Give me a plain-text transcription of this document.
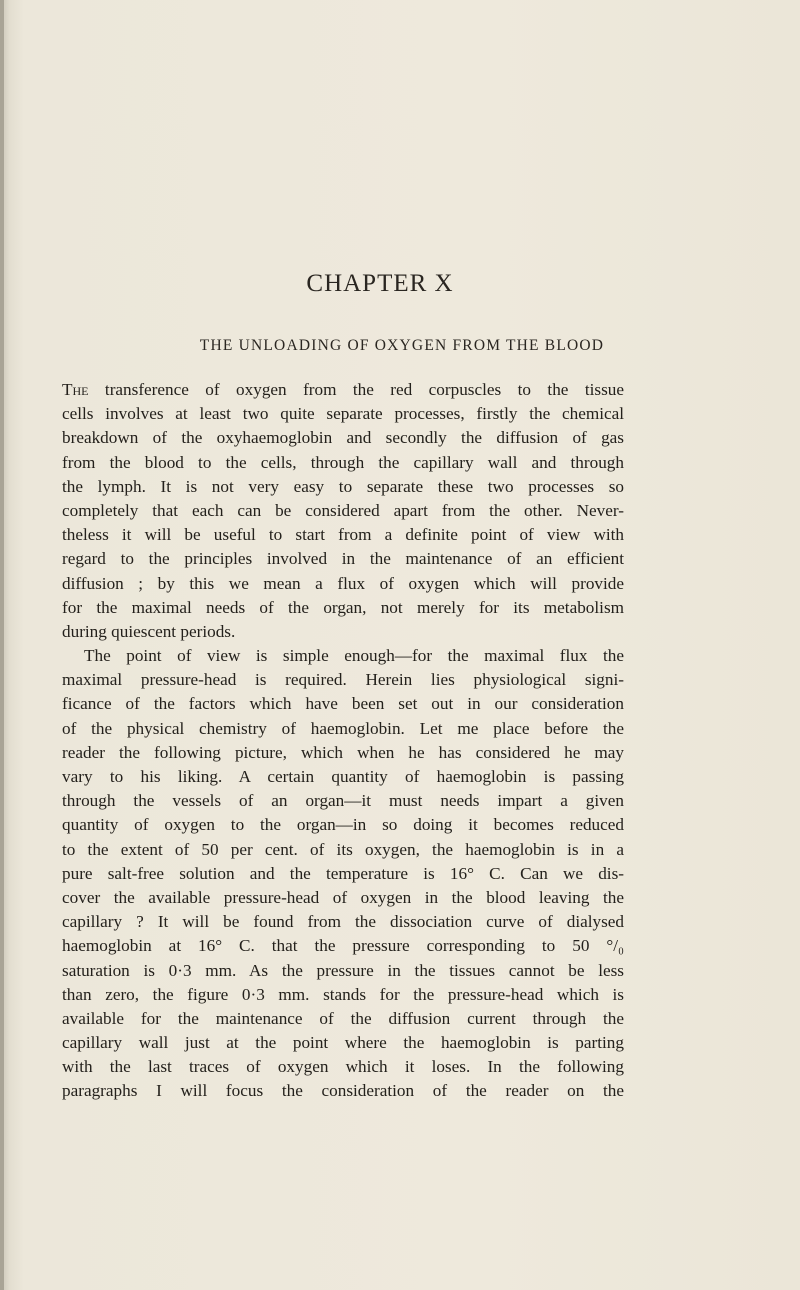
CHAPTER X
THE UNLOADING OF OXYGEN FROM THE BLOOD
The transference of oxygen from the red corpuscles to the tissue
cells involves at least two quite separate processes, firstly the chemical
breakdown of the oxyhaemoglobin and secondly the diffusion of gas
from the blood to the cells, through the capillary wall and through
the lymph. It is not very easy to separate these two processes so
completely that each can be considered apart from the other. Never-
theless it will be useful to start from a definite point of view with
regard to the principles involved in the maintenance of an efficient
diffusion ; by this we mean a flux of oxygen which will provide
for the maximal needs of the organ, not merely for its metabolism
during quiescent periods.
The point of view is simple enough—for the maximal flux the
maximal pressure-head is required. Herein lies physiological signi-
ficance of the factors which have been set out in our consideration
of the physical chemistry of haemoglobin. Let me place before the
reader the following picture, which when he has considered he may
vary to his liking. A certain quantity of haemoglobin is passing
through the vessels of an organ—it must needs impart a given
quantity of oxygen to the organ—in so doing it becomes reduced
to the extent of 50 per cent. of its oxygen, the haemoglobin is in a
pure salt-free solution and the temperature is 16° C. Can we dis-
cover the available pressure-head of oxygen in the blood leaving the
capillary ? It will be found from the dissociation curve of dialysed
haemoglobin at 16° C. that the pressure corresponding to 50 °/₀
saturation is 0·3 mm. As the pressure in the tissues cannot be less
than zero, the figure 0·3 mm. stands for the pressure-head which is
available for the maintenance of the diffusion current through the
capillary wall just at the point where the haemoglobin is parting
with the last traces of oxygen which it loses. In the following
paragraphs I will focus the consideration of the reader on the
